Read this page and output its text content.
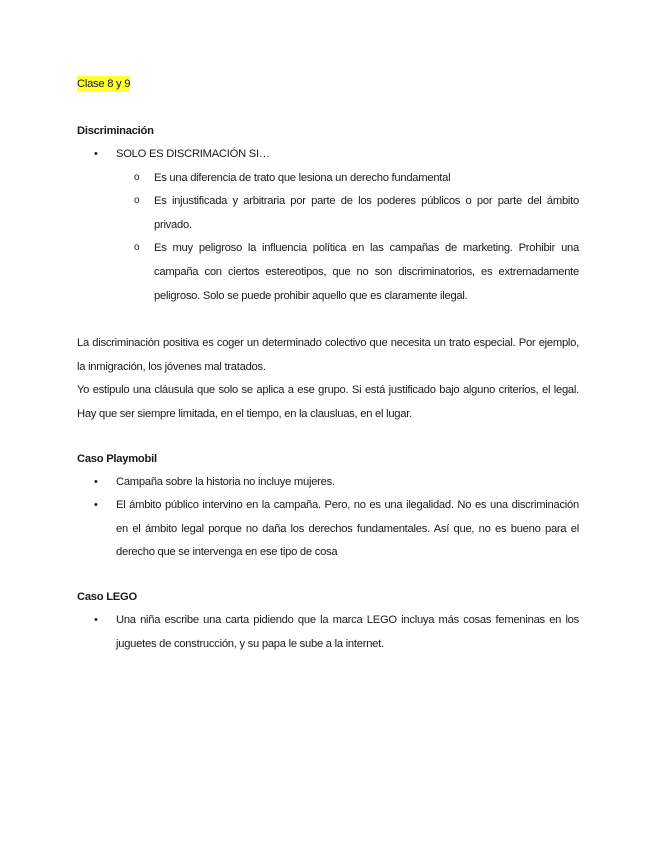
Clase 8 y 9

Discriminación

• SOLO ES DISCRIMACIÓN SI…
o Es una diferencia de trato que lesiona un derecho fundamental
o Es injustificada y arbitraria por parte de los poderes públicos o por parte del ámbito privado.
o Es muy peligroso la influencia política en las campañas de marketing. Prohibir una campaña con ciertos estereotipos, que no son discriminatorios, es extremadamente peligroso. Solo se puede prohibir aquello que es claramente ilegal.

La discriminación positiva es coger un determinado colectivo que necesita un trato especial. Por ejemplo, la inmigración, los jóvenes mal tratados.

Yo estipulo una cláusula que solo se aplica a ese grupo. Si está justificado bajo alguno criterios, el legal. Hay que ser siempre limitada, en el tiempo, en la clausluas, en el lugar.

Caso Playmobil

• Campaña sobre la historia no incluye mujeres.
• El ámbito público intervino en la campaña. Pero, no es una ilegalidad. No es una discriminación en el ámbito legal porque no daña los derechos fundamentales. Así que, no es bueno para el derecho que se intervenga en ese tipo de cosa

Caso LEGO

• Una niña escribe una carta pidiendo que la marca LEGO incluya más cosas femeninas en los juguetes de construcción, y su papa le sube a la internet.
